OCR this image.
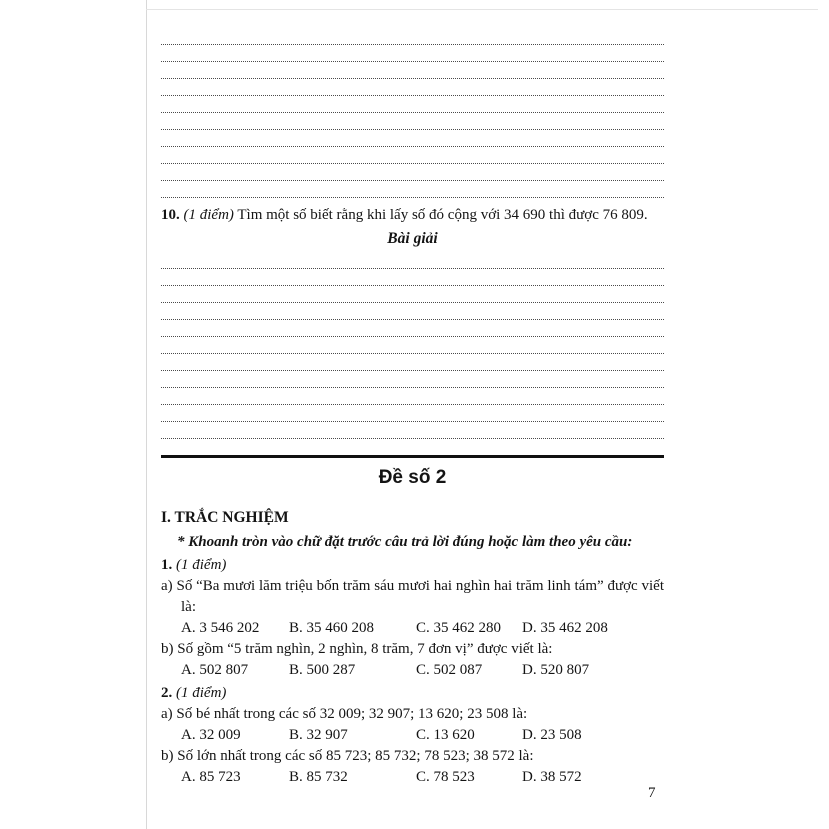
10. (1 điểm) Tìm một số biết rằng khi lấy số đó cộng với 34 690 thì được 76 809.

Bài giải

Đề số 2
I. TRẮC NGHIỆM

* Khoanh tròn vào chữ đặt trước câu trả lời đúng hoặc làm theo yêu cầu:

1. (1 điểm)

a) Số “Ba mươi lăm triệu bốn trăm sáu mươi hai nghìn hai trăm linh tám” được viết là:

A. 3 546 202	B. 35 460 208	C. 35 462 280	D. 35 462 208

b) Số gồm “5 trăm nghìn, 2 nghìn, 8 trăm, 7 đơn vị” được viết là:

A. 502 807	B. 500 287	C. 502 087	D. 520 807

2. (1 điểm)

a) Số bé nhất trong các số 32 009; 32 907; 13 620; 23 508 là:

A. 32 009	B. 32 907	C. 13 620	D. 23 508

b) Số lớn nhất trong các số 85 723; 85 732; 78 523; 38 572 là:

A. 85 723	B. 85 732	C. 78 523	D. 38 572
7
